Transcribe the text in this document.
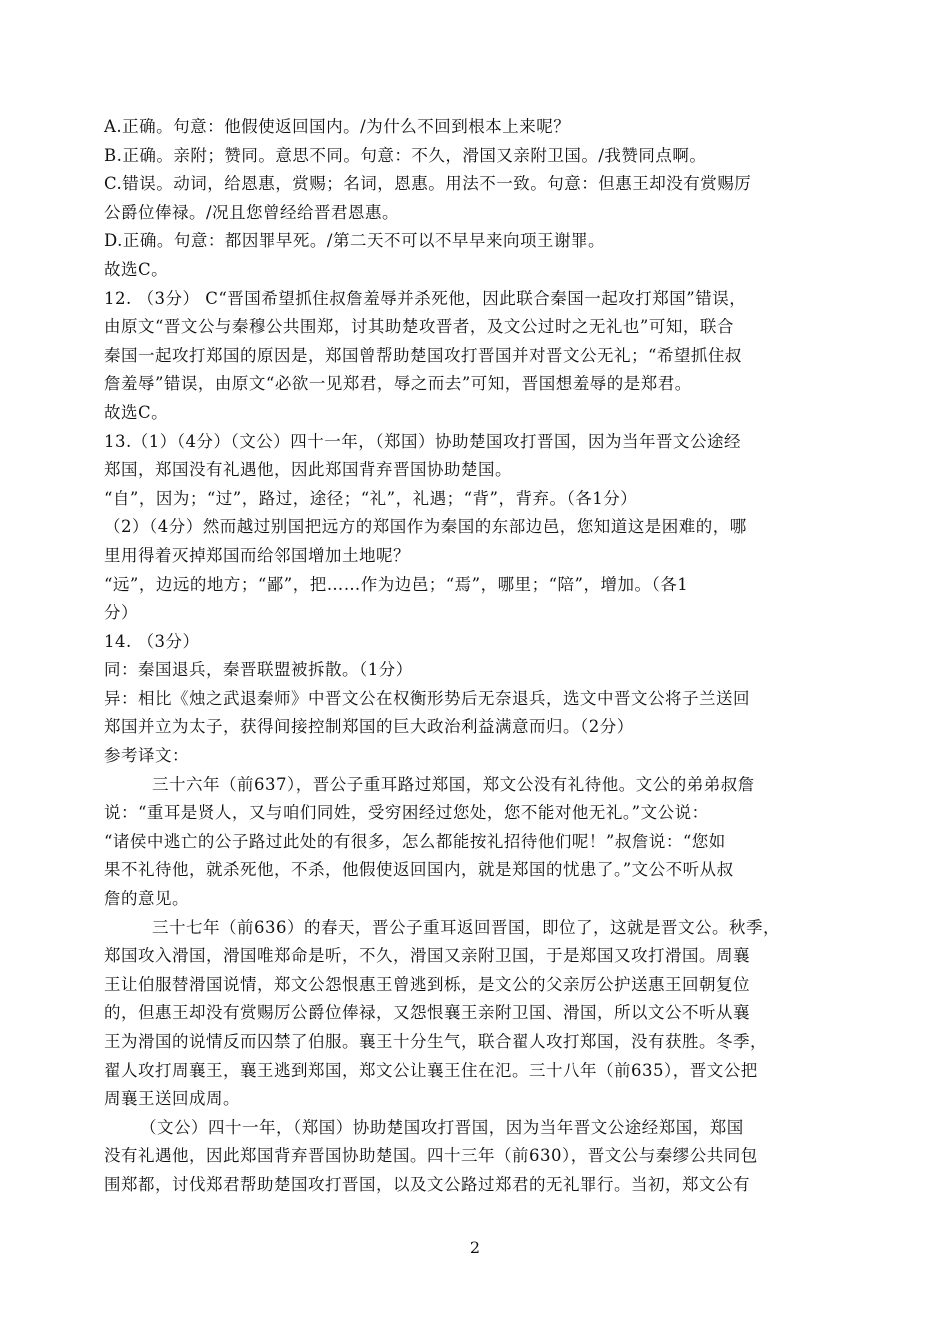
A.正确。句意：他假使返回国内。/为什么不回到根本上来呢？
B.正确。亲附；赞同。意思不同。句意：不久，滑国又亲附卫国。/我赞同点啊。
C.错误。动词，给恩惠，赏赐；名词，恩惠。用法不一致。句意：但惠王却没有赏赐厉
公爵位俸禄。/况且您曾经给晋君恩惠。
D.正确。句意：都因罪早死。/第二天不可以不早早来向项王谢罪。
故选C。
12. （3分） C“晋国希望抓住叔詹羞辱并杀死他，因此联合秦国一起攻打郑国”错误，
由原文“晋文公与秦穆公共围郑，讨其助楚攻晋者，及文公过时之无礼也”可知，联合
秦国一起攻打郑国的原因是，郑国曾帮助楚国攻打晋国并对晋文公无礼；“希望抓住叔
詹羞辱”错误，由原文“必欲一见郑君，辱之而去”可知，晋国想羞辱的是郑君。
故选C。
13.（1）（4分）（文公）四十一年，（郑国）协助楚国攻打晋国，因为当年晋文公途经
郑国，郑国没有礼遇他，因此郑国背弃晋国协助楚国。
“自”，因为；“过”，路过，途径；“礼”，礼遇；“背”，背弃。（各1分）
（2）（4分）然而越过别国把远方的郑国作为秦国的东部边邑，您知道这是困难的，哪
里用得着灭掉郑国而给邻国增加土地呢？
“远”，边远的地方；“鄙”，把……作为边邑；“焉”，哪里；“陪”，增加。（各1
分）
14. （3分）
同：秦国退兵，秦晋联盟被拆散。（1分）
异：相比《烛之武退秦师》中晋文公在权衡形势后无奈退兵，选文中晋文公将子兰送回
郑国并立为太子，获得间接控制郑国的巨大政治利益满意而归。（2分）
参考译文：
三十六年（前637），晋公子重耳路过郑国，郑文公没有礼待他。文公的弟弟叔詹
说：“重耳是贤人，又与咱们同姓，受穷困经过您处，您不能对他无礼。”文公说：
“诸侯中逃亡的公子路过此处的有很多，怎么都能按礼招待他们呢！”叔詹说：“您如
果不礼待他，就杀死他，不杀，他假使返回国内，就是郑国的忧患了。”文公不听从叔
詹的意见。
三十七年（前636）的春天，晋公子重耳返回晋国，即位了，这就是晋文公。秋季，
郑国攻入滑国，滑国唯郑命是听，不久，滑国又亲附卫国，于是郑国又攻打滑国。周襄
王让伯服替滑国说情，郑文公怨恨惠王曾逃到栎，是文公的父亲厉公护送惠王回朝复位
的，但惠王却没有赏赐厉公爵位俸禄，又怨恨襄王亲附卫国、滑国，所以文公不听从襄
王为滑国的说情反而囚禁了伯服。襄王十分生气，联合翟人攻打郑国，没有获胜。冬季，
翟人攻打周襄王，襄王逃到郑国，郑文公让襄王住在氾。三十八年（前635），晋文公把
周襄王送回成周。
（文公）四十一年，（郑国）协助楚国攻打晋国，因为当年晋文公途经郑国，郑国
没有礼遇他，因此郑国背弃晋国协助楚国。四十三年（前630），晋文公与秦缪公共同包
围郑都，讨伐郑君帮助楚国攻打晋国，以及文公路过郑君的无礼罪行。当初，郑文公有
2
